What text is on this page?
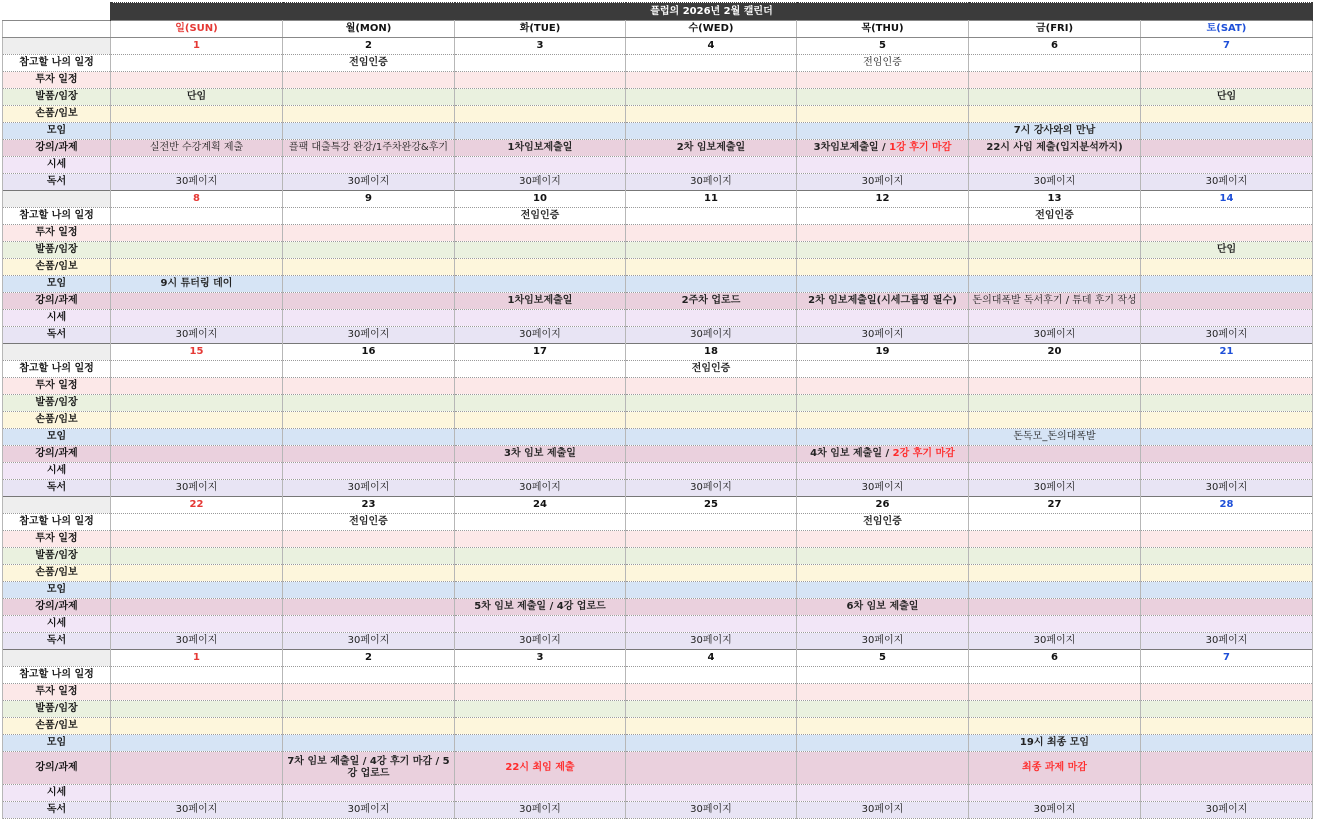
	플럽의 2026년 2월 캘린더						
	일(SUN)	월(MON)	화(TUE)	수(WED)	목(THU)	금(FRI)	토(SAT)
	1	2	3	4	5	6	7
참고할 나의 일정		전임인증			전임인증		
투자 일정							
발품/임장	단임						단임
손품/임보							
모임						7시 강사와의 만남	
강의/과제	실전반 수강계획 제출	플팩 대출특강 완강/1주차완강&후기	1차임보제출일	2차 임보제출일	3차임보제출일 / 1강 후기 마감	22시 사임 제출(입지분석까지)	
시세							
독서	30페이지	30페이지	30페이지	30페이지	30페이지	30페이지	30페이지
	8	9	10	11	12	13	14
참고할 나의 일정			전임인증			전임인증	
투자 일정							
발품/임장							단임
손품/임보							
모임	9시 튜터링 데이						
강의/과제			1차임보제출일	2주차 업로드	2차 임보제출일(시세그룹핑 필수)	돈의대폭발 독서후기 / 튜데 후기 작성	
시세							
독서	30페이지	30페이지	30페이지	30페이지	30페이지	30페이지	30페이지
	15	16	17	18	19	20	21
참고할 나의 일정				전임인증			
투자 일정							
발품/임장							
손품/임보							
모임						돈독모_돈의대폭발	
강의/과제			3차 임보 제출일		4차 임보 제출일 / 2강 후기 마감		
시세							
독서	30페이지	30페이지	30페이지	30페이지	30페이지	30페이지	30페이지
	22	23	24	25	26	27	28
참고할 나의 일정		전임인증			전임인증		
투자 일정							
발품/임장							
손품/임보							
모임							
강의/과제			5차 임보 제출일 / 4강 업로드		6차 임보 제출일		
시세							
독서	30페이지	30페이지	30페이지	30페이지	30페이지	30페이지	30페이지
	1	2	3	4	5	6	7
참고할 나의 일정							
투자 일정							
발품/임장							
손품/임보							
모임						19시 최종 모임	
강의/과제		7차 임보 제출일 / 4강 후기 마감 / 5강 업로드	22시 최임 제출			최종 과제 마감	
시세							
독서	30페이지	30페이지	30페이지	30페이지	30페이지	30페이지	30페이지
